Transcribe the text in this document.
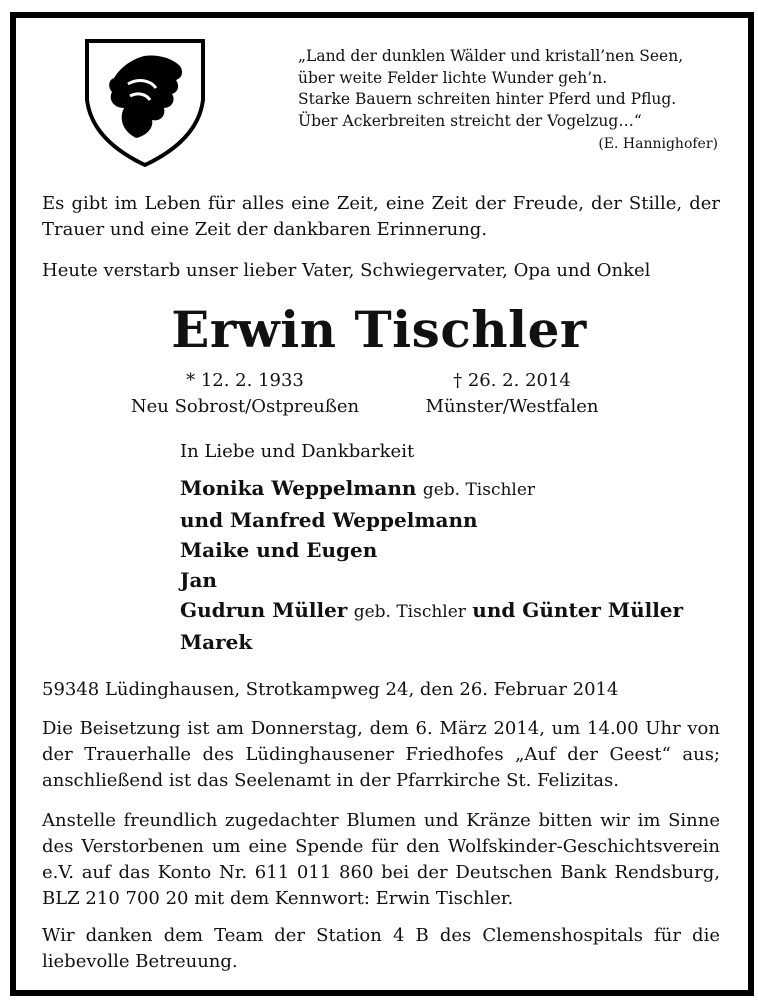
„Land der dunklen Wälder und kristall’nen Seen,
über weite Felder lichte Wunder geh’n.
Starke Bauern schreiten hinter Pferd und Pflug.
Über Ackerbreiten streicht der Vogelzug…“
(E. Hannighofer)
Es gibt im Leben für alles eine Zeit, eine Zeit der Freude, der Stille, der Trauer und eine Zeit der dankbaren Erinnerung.
Heute verstarb unser lieber Vater, Schwiegervater, Opa und Onkel
Erwin Tischler
* 12. 2. 1933
Neu Sobrost/Ostpreußen
† 26. 2. 2014
Münster/Westfalen
In Liebe und Dankbarkeit
Monika Weppelmann geb. Tischler
und Manfred Weppelmann
Maike und Eugen
Jan
Gudrun Müller geb. Tischler und Günter Müller
Marek
59348 Lüdinghausen, Strotkampweg 24, den 26. Februar 2014
Die Beisetzung ist am Donnerstag, dem 6. März 2014, um 14.00 Uhr von der Trauerhalle des Lüdinghausener Friedhofes „Auf der Geest“ aus; anschließend ist das Seelenamt in der Pfarrkirche St. Felizitas.
Anstelle freundlich zugedachter Blumen und Kränze bitten wir im Sinne des Verstorbenen um eine Spende für den Wolfskinder-Geschichtsverein e.V. auf das Konto Nr. 611 011 860 bei der Deutschen Bank Rendsburg, BLZ 210 700 20 mit dem Kennwort: Erwin Tischler.
Wir danken dem Team der Station 4 B des Clemenshospitals für die liebevolle Betreuung.
